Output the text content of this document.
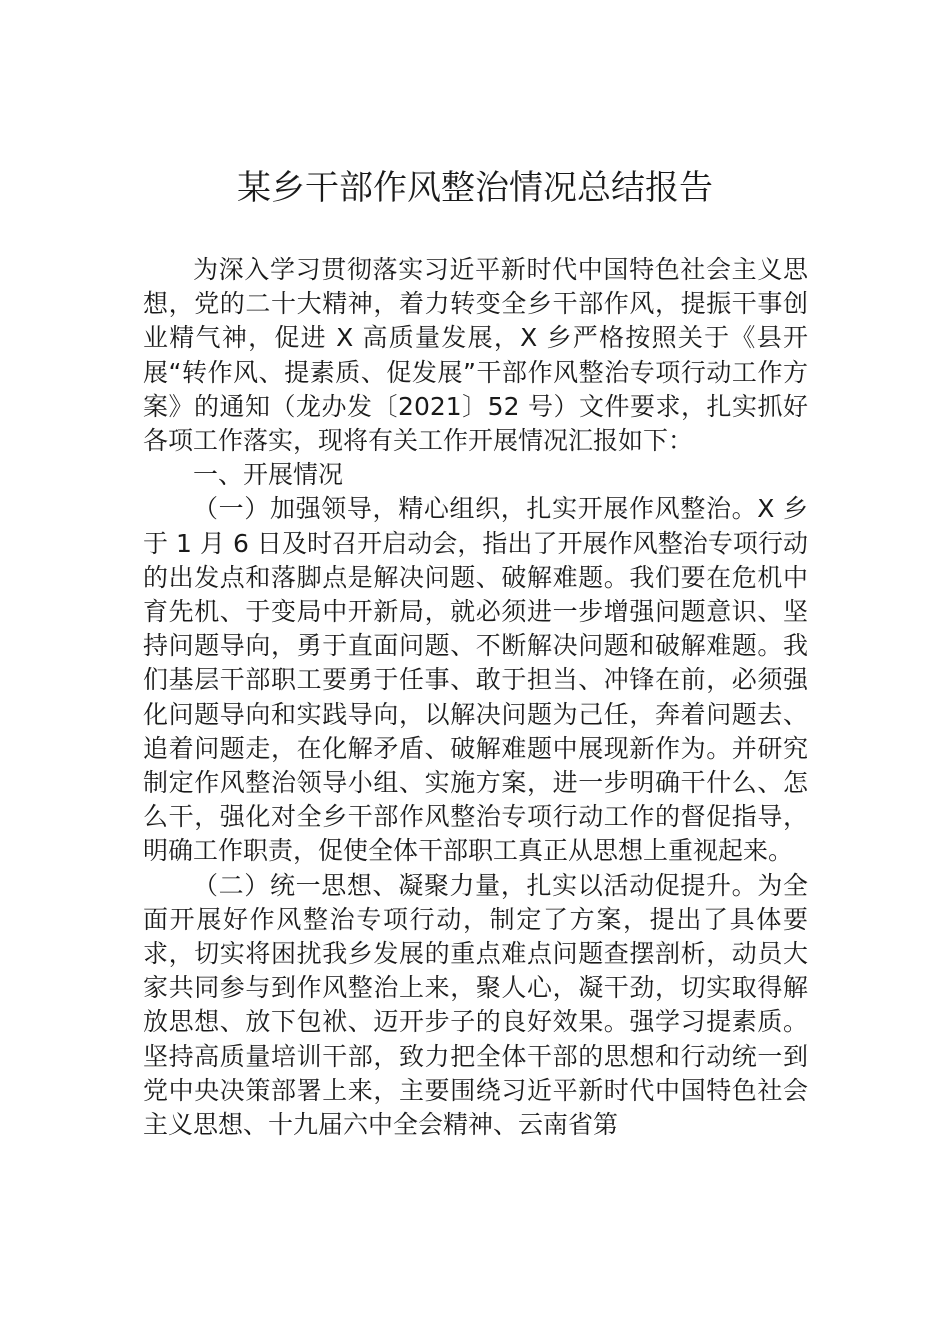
某乡干部作风整治情况总结报告

为深入学习贯彻落实习近平新时代中国特色社会主义思想，党的二十大精神，着力转变全乡干部作风，提振干事创业精气神，促进 X 高质量发展，X 乡严格按照关于《县开展“转作风、提素质、促发展”干部作风整治专项行动工作方案》的通知（龙办发〔2021〕52 号）文件要求，扎实抓好各项工作落实，现将有关工作开展情况汇报如下：

一、开展情况

（一）加强领导，精心组织，扎实开展作风整治。X 乡于 1 月 6 日及时召开启动会，指出了开展作风整治专项行动的出发点和落脚点是解决问题、破解难题。我们要在危机中育先机、于变局中开新局，就必须进一步增强问题意识、坚持问题导向，勇于直面问题、不断解决问题和破解难题。我们基层干部职工要勇于任事、敢于担当、冲锋在前，必须强化问题导向和实践导向，以解决问题为己任，奔着问题去、追着问题走，在化解矛盾、破解难题中展现新作为。并研究制定作风整治领导小组、实施方案，进一步明确干什么、怎么干，强化对全乡干部作风整治专项行动工作的督促指导，明确工作职责，促使全体干部职工真正从思想上重视起来。

（二）统一思想、凝聚力量，扎实以活动促提升。为全面开展好作风整治专项行动，制定了方案，提出了具体要求，切实将困扰我乡发展的重点难点问题查摆剖析，动员大家共同参与到作风整治上来，聚人心，凝干劲，切实取得解放思想、放下包袱、迈开步子的良好效果。强学习提素质。坚持高质量培训干部，致力把全体干部的思想和行动统一到党中央决策部署上来，主要围绕习近平新时代中国特色社会主义思想、十九届六中全会精神、云南省第
